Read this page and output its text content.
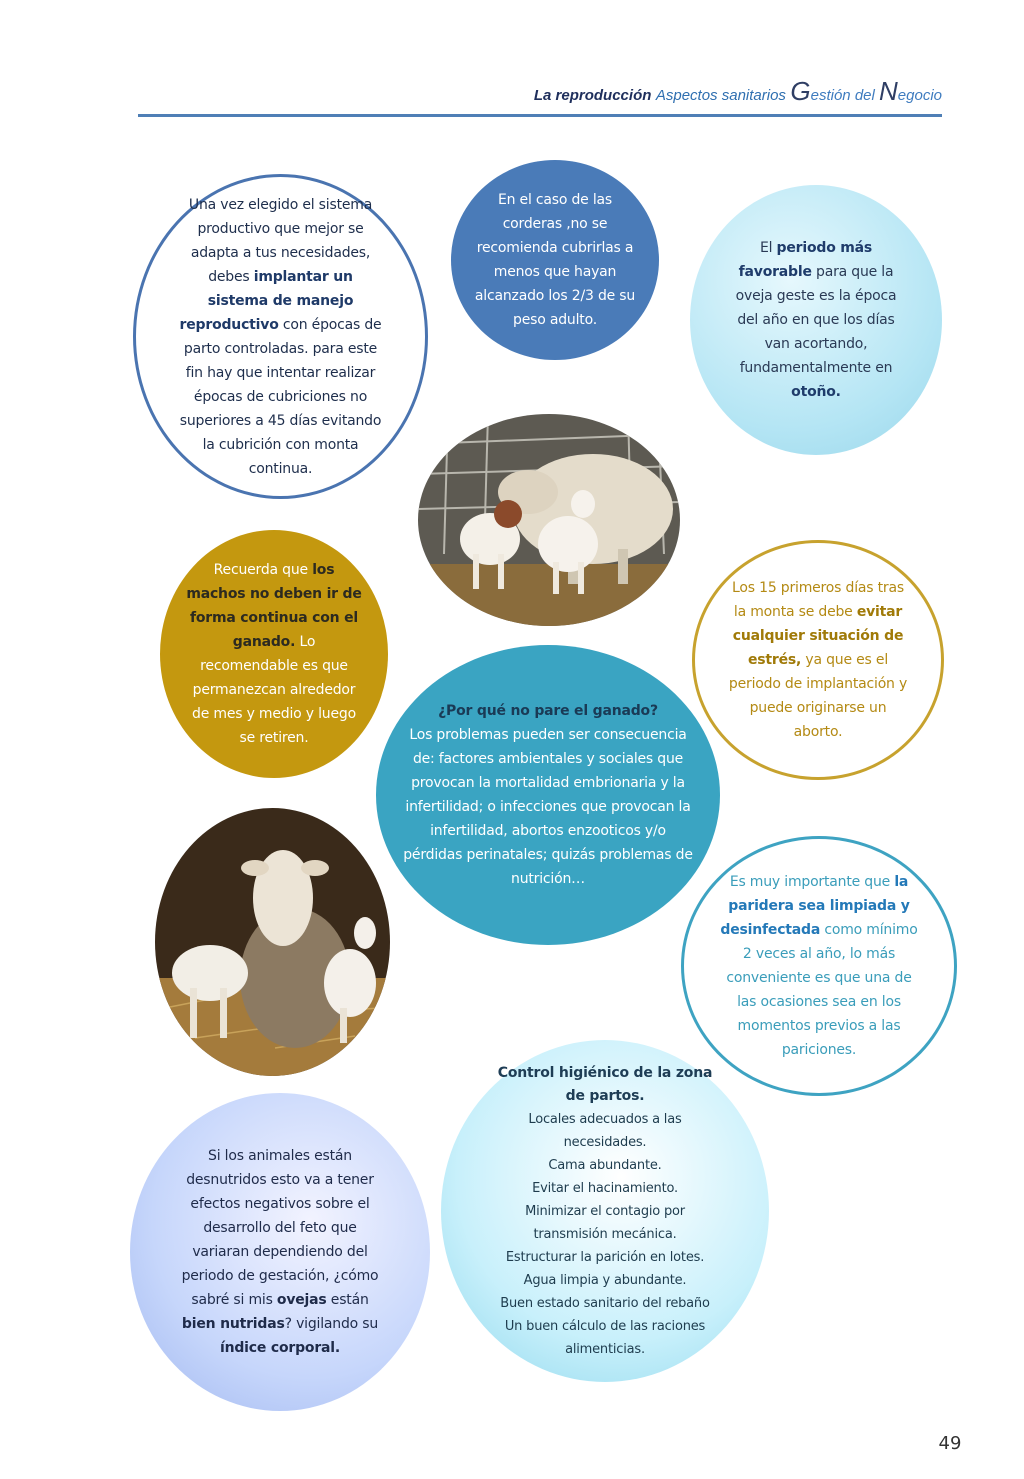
La reproducción Aspectos sanitarios Gestión del Negocio

Una vez elegido el sistema productivo que mejor se adapta a tus necesidades, debes implantar un sistema de manejo reproductivo con épocas de parto controladas. para este fin hay que intentar realizar épocas de cubriciones no superiores a 45 días evitando la cubrición con monta continua.

En el caso de las corderas ,no se recomienda cubrirlas a menos que hayan alcanzado los 2/3 de su peso adulto.

El periodo más favorable para que la oveja geste es la época del año en que los días van acortando, fundamentalmente en otoño.

Recuerda que los machos no deben ir de forma continua con el ganado. Lo recomendable es que permanezcan alrededor de mes y medio y luego se retiren.

¿Por qué no pare el ganado?

Los problemas pueden ser consecuencia de: factores ambientales y sociales que provocan la mortalidad embrionaria y la infertilidad; o infecciones que provocan la infertilidad, abortos enzooticos y/o pérdidas perinatales; quizás problemas de nutrición…

Los 15 primeros días tras la monta se debe evitar cualquier situación de estrés, ya que es el periodo de implantación y puede originarse un aborto.

Es muy importante que la paridera sea limpiada y desinfectada como mínimo 2 veces al año, lo más conveniente es que una de las ocasiones sea en los momentos previos a las pariciones.

Control higiénico de la zona de partos.

Locales adecuados a las necesidades.

Cama abundante.

Evitar el hacinamiento.

Minimizar el contagio por transmisión mecánica.

Estructurar la parición en lotes.

Agua limpia y abundante.

Buen estado sanitario del rebaño

Un buen cálculo de las raciones alimenticias.

Si los animales están desnutridos esto va a tener efectos negativos sobre el desarrollo del feto que variaran dependiendo del periodo de gestación, ¿cómo sabré si mis ovejas están bien nutridas? vigilando su índice corporal.

49
